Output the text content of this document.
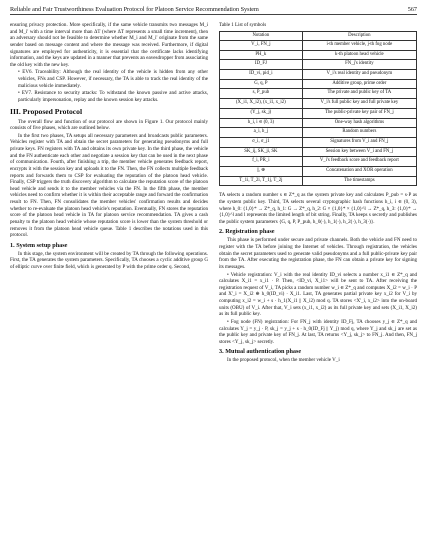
Reliable and Fair Trustworthiness Evaluation Protocol for Platoon Service Recommendation System	567

ensuring privacy protection. More specifically, if the same vehicle transmits two messages M_i and M_i' with a time interval more than ΔT (where ΔT represents a small time increment), then an adversary should not be feasible to determine whether M_i and M_i' originate from the same sender based on message content and where the message was received. Furthermore, if digital signatures are employed for authenticity, it is essential that the certificate lacks identifying information, and the keys are updated in a manner that prevents an eavesdropper from associating the old key with the new key.

• EV6. Traceability: Although the real identity of the vehicle is hidden from any other vehicles, FNs and CSP. However, if necessary, the TA is able to track the real identity of the malicious vehicle immediately.

• EV7. Resistance to security attacks: To withstand the known passive and active attacks, particularly impersonation, replay and the known session key attacks.

III. Proposed Protocol

The overall flow and function of our protocol are shown in Figure 1. Our protocol mainly consists of five phases, which are outlined below.

In the first two phases, TA setups all necessary parameters and broadcasts public parameters. Vehicles register with TA and obtain the secret parameters for generating pseudonyms and full private keys. FN registers with TA and obtains its own private key. In the third phase, the vehicle and the FN authenticate each other and negotiate a session key that can be used in the next phase of communication. Fourth, after finishing a trip, the member vehicle generates feedback report, encrypts it with the session key and uploads it to the FN. Then, the FN collects multiple feedback reports and forwards them to CSP for evaluating the reputation of the platoon head vehicle. Finally, CSP triggers the truth discovery algorithm to calculate the reputation score of the platoon head vehicle and sends it to the member vehicles via the FN. In the fifth phase, the member vehicles need to confirm whether it is within their acceptable range and forward the confirmation result to FN. Then, FN consolidates the member vehicles' confirmation results and decides whether to re-evaluate the platoon head vehicle's reputation. Eventually, FN stores the reputation score of the platoon head vehicle in TA for platoon service recommendation. TA gives a cash penalty to the platoon head vehicle whose reputation score is lower than the system threshold or removes it from the platoon head vehicle queue. Table 1 describes the notations used in this protocol.

1. System setup phase

In this stage, the system environment will be created by TA through the following operations. First, the TA generates the system parameters. Specifically, TA chooses a cyclic additive group G of elliptic curve over finite field, which is generated by P with the prime order q. Second,

Table 1 List of symbols
Notation	Description
V_i, FN_j	i-th member vehicle, j-th fog node
PH_k	k-th platoon head vehicle
ID_FJ	FN_j's identity
ID_vi, pid_i	V_i's real identity and pseudonym
G, q, P	Additive group, prime order
s, P_pub	The private and public key of TA
(X_i1, X_i2), (x_i1, x_i2)	V_i's full public key and full private key
(Y_j, sk_j)	The public-private key pair of FN_j
h_i, i ∈ (0, 3)	One-way hash algorithms
a_i, b_j	Random numbers
σ_i, σ_j1	Signatures from V_i and FN_j
SK_ij, SK_ji, SK	Session key between V_i and FN_j
f_i, PR_i	V_i's feedback score and feedback report
||, ⊕	Concatenation and XOR operation
T_1i, T_2i, T_1j, T_2j	The timestamps

TA selects a random number s ∈ Z*_q as the system private key and calculates P_pub = s·P as the system public key. Third, TA selects several cryptographic hash functions h_i, i ∈ (0, 3), where h_0: {1,0}* → Z*_q, h_1: G → Z*_q, h_2: G × {1,0}* × {1,0}^l → Z*_q, h_3: {1,0}* → {1,0}^l and l represents the limited length of bit string. Finally, TA keeps s secretly and publishes the public system parameters {G, q, P, P_pub, h_0(·), h_1(·), h_2(·), h_3(·)}.

2. Registration phase

This phase is performed under secure and private channels. Both the vehicle and FN need to register with the TA before joining the Internet of vehicles. Through registration, the vehicles obtain the secret parameters used to generate valid pseudonyms and a full public-private key pair from the TA. After executing the registration phase, the FN can obtain a private key for signing its messages.

• Vehicle registration: V_i with the real identity ID_vi selects a number x_i1 ∈ Z*_q and calculates X_i1 = x_i1 · P. Then, <ID_vi, X_i1> will be sent to TA. After receiving the registration request of V_i, TA picks a random number w_i ∈ Z*_q and computes X_i2 = w_i · P and X'_i = X_i2 ⊕ h_0(ID_vi) · X_i1. Last, TA generates partial private key x_i2 for V_i by computing x_i2 = w_i + s · h_1(X_i1 || X_i2) mod q. TA stores <X'_i, x_i2> into the on-board units (OBU) of V_i. After that, V_i sets (x_i1, x_i2) as its full private key and sets (X_i1, X_i2) as its full public key.

• Fog node (FN) registration: For FN_j with identity ID_Fj, TA chooses y_j ∈ Z*_q and calculates Y_j = y_j · P, sk_j = y_j + s · h_0(ID_Fj || Y_j) mod q, where Y_j and sk_j are set as the public key and private key of FN_j. At last, TA returns <Y_j, sk_j> to FN_j. And then, FN_j stores <Y_j, sk_j> secretly.

3. Mutual authentication phase

In the proposed protocol, when the member vehicle V_i
